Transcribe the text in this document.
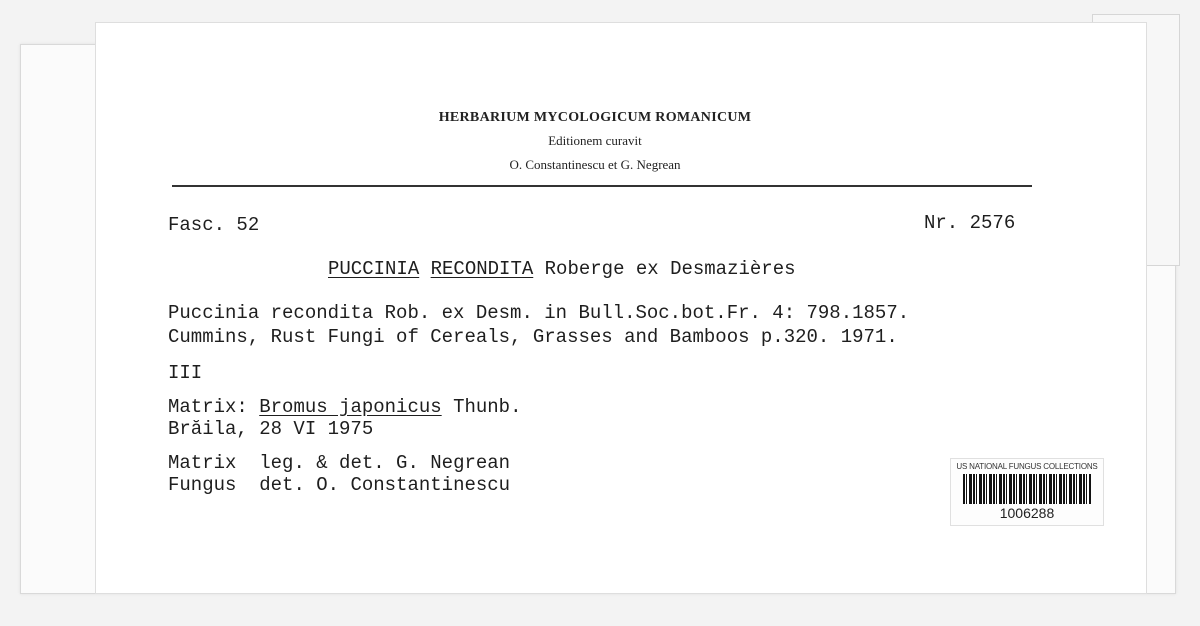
HERBARIUM MYCOLOGICUM ROMANICUM
Editionem curavit
O. Constantinescu et G. Negrean
Fasc. 52	Nr. 2576
PUCCINIA RECONDITA Roberge ex Desmazières
Puccinia recondita Rob. ex Desm. in Bull.Soc.bot.Fr. 4: 798.1857.
Cummins, Rust Fungi of Cereals, Grasses and Bamboos p.320. 1971.
III
Matrix: Bromus japonicus Thunb.
Brăila, 28 VI 1975
Matrix leg. & det. G. Negrean
Fungus det. O. Constantinescu
US NATIONAL FUNGUS COLLECTIONS
1006288
